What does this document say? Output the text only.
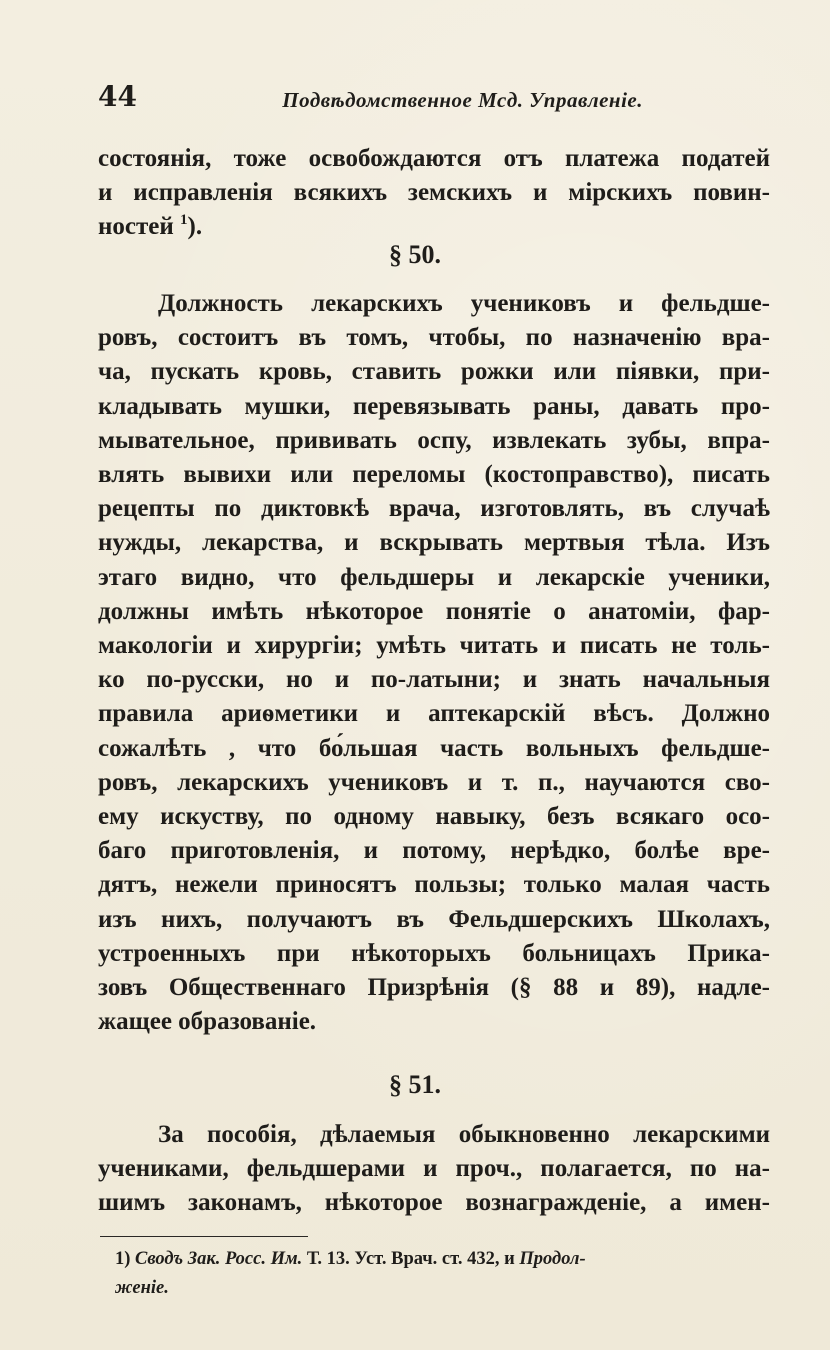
44	Подвѣдомственное Мсд. Управленіе.
состоянія, тоже освобождаются отъ платежа податей
и исправленія всякихъ земскихъ и мірскихъ повин-
ностей $^1$).
§ 50.
Должность лекарскихъ учениковъ и фельдше-
ровъ, состоитъ въ томъ, чтобы, по назначенію вра-
ча, пускать кровь, ставить рожки или піявки, при-
кладывать мушки, перевязывать раны, давать про-
мывательное, прививать оспу, извлекать зубы, впра-
влять вывихи или переломы (костоправство), писать
рецепты по диктовкѣ врача, изготовлять, въ случаѣ
нужды, лекарства, и вскрывать мертвыя тѣла. Изъ
этаго видно, что фельдшеры и лекарскіе ученики,
должны имѣть нѣкоторое понятіе о анатоміи, фар-
макологіи и хирургіи; умѣть читать и писать не толь-
ко по-русски, но и по-латыни; и знать начальныя
правила ариѳметики и аптекарскій вѣсъ. Должно
сожалѣть , что бо́льшая часть вольныхъ фельдше-
ровъ, лекарскихъ учениковъ и т. п., научаются сво-
ему искуству, по одному навыку, безъ всякаго осо-
баго приготовленія, и потому, нерѣдко, болѣе вре-
дятъ, нежели приносятъ пользы; только малая часть
изъ нихъ, получаютъ въ Фельдшерскихъ Школахъ,
устроенныхъ при нѣкоторыхъ больницахъ Прика-
зовъ Общественнаго Призрѣнія (§ 88 и 89), надле-
жащее образованіе.
§ 51.
За пособія, дѣлаемыя обыкновенно лекарскими
учениками, фельдшерами и проч., полагается, по на-
шимъ законамъ, нѣкоторое вознагражденіе, а имен-
1) Сводъ Зак. Росс. Им. Т. 13. Уст. Врач. ст. 432, и Продол-
женіе.
